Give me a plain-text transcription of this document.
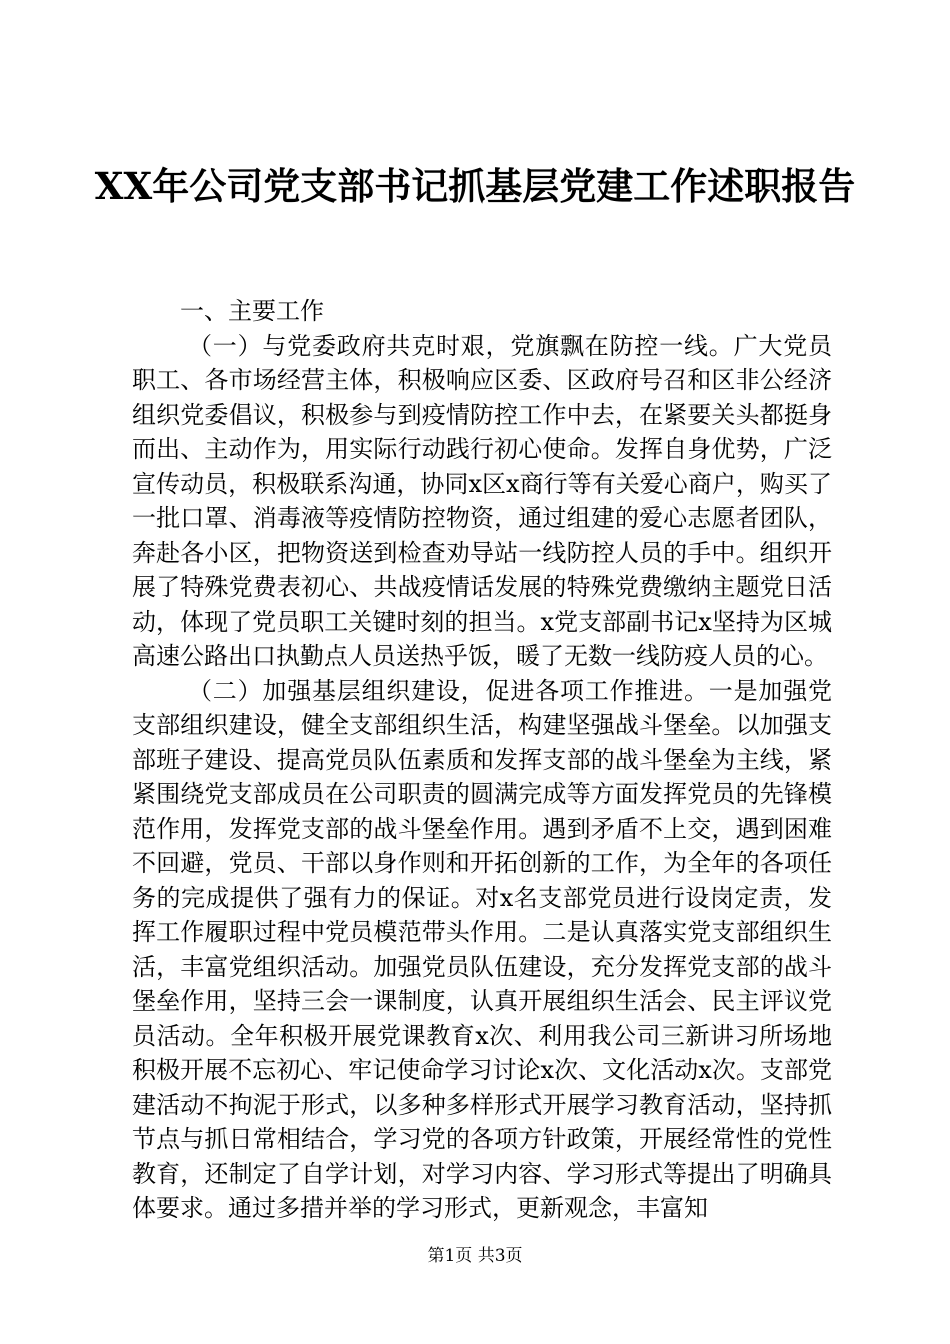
XX年公司党支部书记抓基层党建工作述职报告

一、主要工作

（一）与党委政府共克时艰，党旗飘在防控一线。广大党员职工、各市场经营主体，积极响应区委、区政府号召和区非公经济组织党委倡议，积极参与到疫情防控工作中去，在紧要关头都挺身而出、主动作为，用实际行动践行初心使命。发挥自身优势，广泛宣传动员，积极联系沟通，协同x区x商行等有关爱心商户，购买了一批口罩、消毒液等疫情防控物资，通过组建的爱心志愿者团队，奔赴各小区，把物资送到检查劝导站一线防控人员的手中。组织开展了特殊党费表初心、共战疫情话发展的特殊党费缴纳主题党日活动，体现了党员职工关键时刻的担当。x党支部副书记x坚持为区城高速公路出口执勤点人员送热乎饭，暖了无数一线防疫人员的心。

（二）加强基层组织建设，促进各项工作推进。一是加强党支部组织建设，健全支部组织生活，构建坚强战斗堡垒。以加强支部班子建设、提高党员队伍素质和发挥支部的战斗堡垒为主线，紧紧围绕党支部成员在公司职责的圆满完成等方面发挥党员的先锋模范作用，发挥党支部的战斗堡垒作用。遇到矛盾不上交，遇到困难不回避，党员、干部以身作则和开拓创新的工作，为全年的各项任务的完成提供了强有力的保证。对x名支部党员进行设岗定责，发挥工作履职过程中党员模范带头作用。二是认真落实党支部组织生活，丰富党组织活动。加强党员队伍建设，充分发挥党支部的战斗堡垒作用，坚持三会一课制度，认真开展组织生活会、民主评议党员活动。全年积极开展党课教育x次、利用我公司三新讲习所场地积极开展不忘初心、牢记使命学习讨论x次、文化活动x次。支部党建活动不拘泥于形式，以多种多样形式开展学习教育活动，坚持抓节点与抓日常相结合，学习党的各项方针政策，开展经常性的党性教育，还制定了自学计划，对学习内容、学习形式等提出了明确具体要求。通过多措并举的学习形式，更新观念，丰富知

第1页 共3页
